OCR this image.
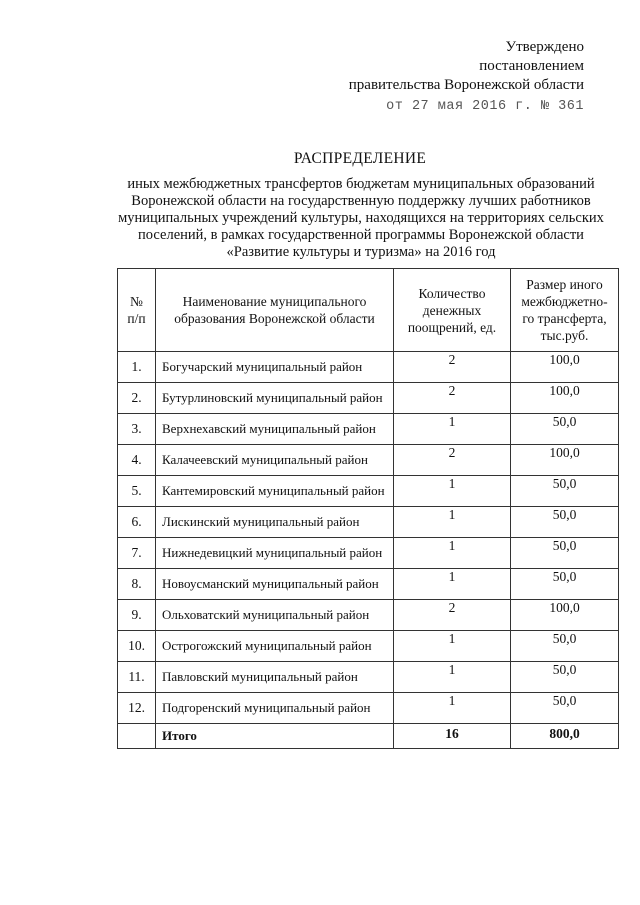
Утверждено
постановлением
правительства Воронежской области
от 27 мая 2016 г. № 361
РАСПРЕДЕЛЕНИЕ
иных межбюджетных трансфертов бюджетам муниципальных образований Воронежской области на государственную поддержку лучших работников муниципальных учреждений культуры, находящихся на территориях сельских поселений, в рамках государственной программы Воронежской области «Развитие культуры и туризма» на 2016 год
№ п/п	Наименование муниципального образования Воронежской области	Количество денежных поощрений, ед.	Размер иного межбюджетно-го трансферта, тыс.руб.
1.	Богучарский муниципальный район	2	100,0
2.	Бутурлиновский муниципальный район	2	100,0
3.	Верхнехавский муниципальный район	1	50,0
4.	Калачеевский муниципальный район	2	100,0
5.	Кантемировский муниципальный район	1	50,0
6.	Лискинский муниципальный район	1	50,0
7.	Нижнедевицкий муниципальный район	1	50,0
8.	Новоусманский муниципальный район	1	50,0
9.	Ольховатский муниципальный район	2	100,0
10.	Острогожский муниципальный район	1	50,0
11.	Павловский муниципальный район	1	50,0
12.	Подгоренский муниципальный район	1	50,0
	Итого	16	800,0
